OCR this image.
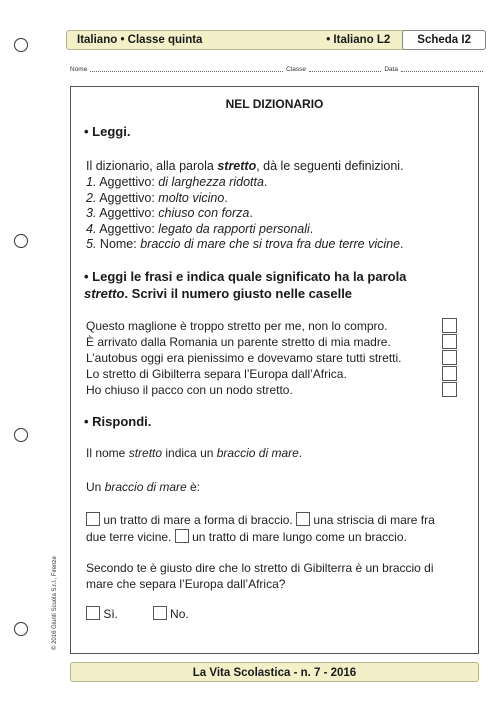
Italiano • Classe quinta	• Italiano L2	Scheda I2
Nome	Classe	Data
NEL DIZIONARIO
• Leggi.
Il dizionario, alla parola stretto, dà le seguenti definizioni.
1. Aggettivo: di larghezza ridotta.
2. Aggettivo: molto vicino.
3. Aggettivo: chiuso con forza.
4. Aggettivo: legato da rapporti personali.
5. Nome: braccio di mare che si trova fra due terre vicine.
• Leggi le frasi e indica quale significato ha la parola
stretto. Scrivi il numero giusto nelle caselle
Questo maglione è troppo stretto per me, non lo compro.
È arrivato dalla Romania un parente stretto di mia madre.
L’autobus oggi era pienissimo e dovevamo stare tutti stretti.
Lo stretto di Gibilterra separa l’Europa dall’Africa.
Ho chiuso il pacco con un nodo stretto.
• Rispondi.
Il nome stretto indica un braccio di mare.
Un braccio di mare è:
un tratto di mare a forma di braccio.  una striscia di mare fra
due terre vicine.  un tratto di mare lungo come un braccio.
Secondo te è giusto dire che lo stretto di Gibilterra è un braccio di
mare che separa l’Europa dall’Africa?
Sì.	No.
© 2016 Giunti Scuola S.r.l., Firenze
La Vita Scolastica - n. 7 - 2016
